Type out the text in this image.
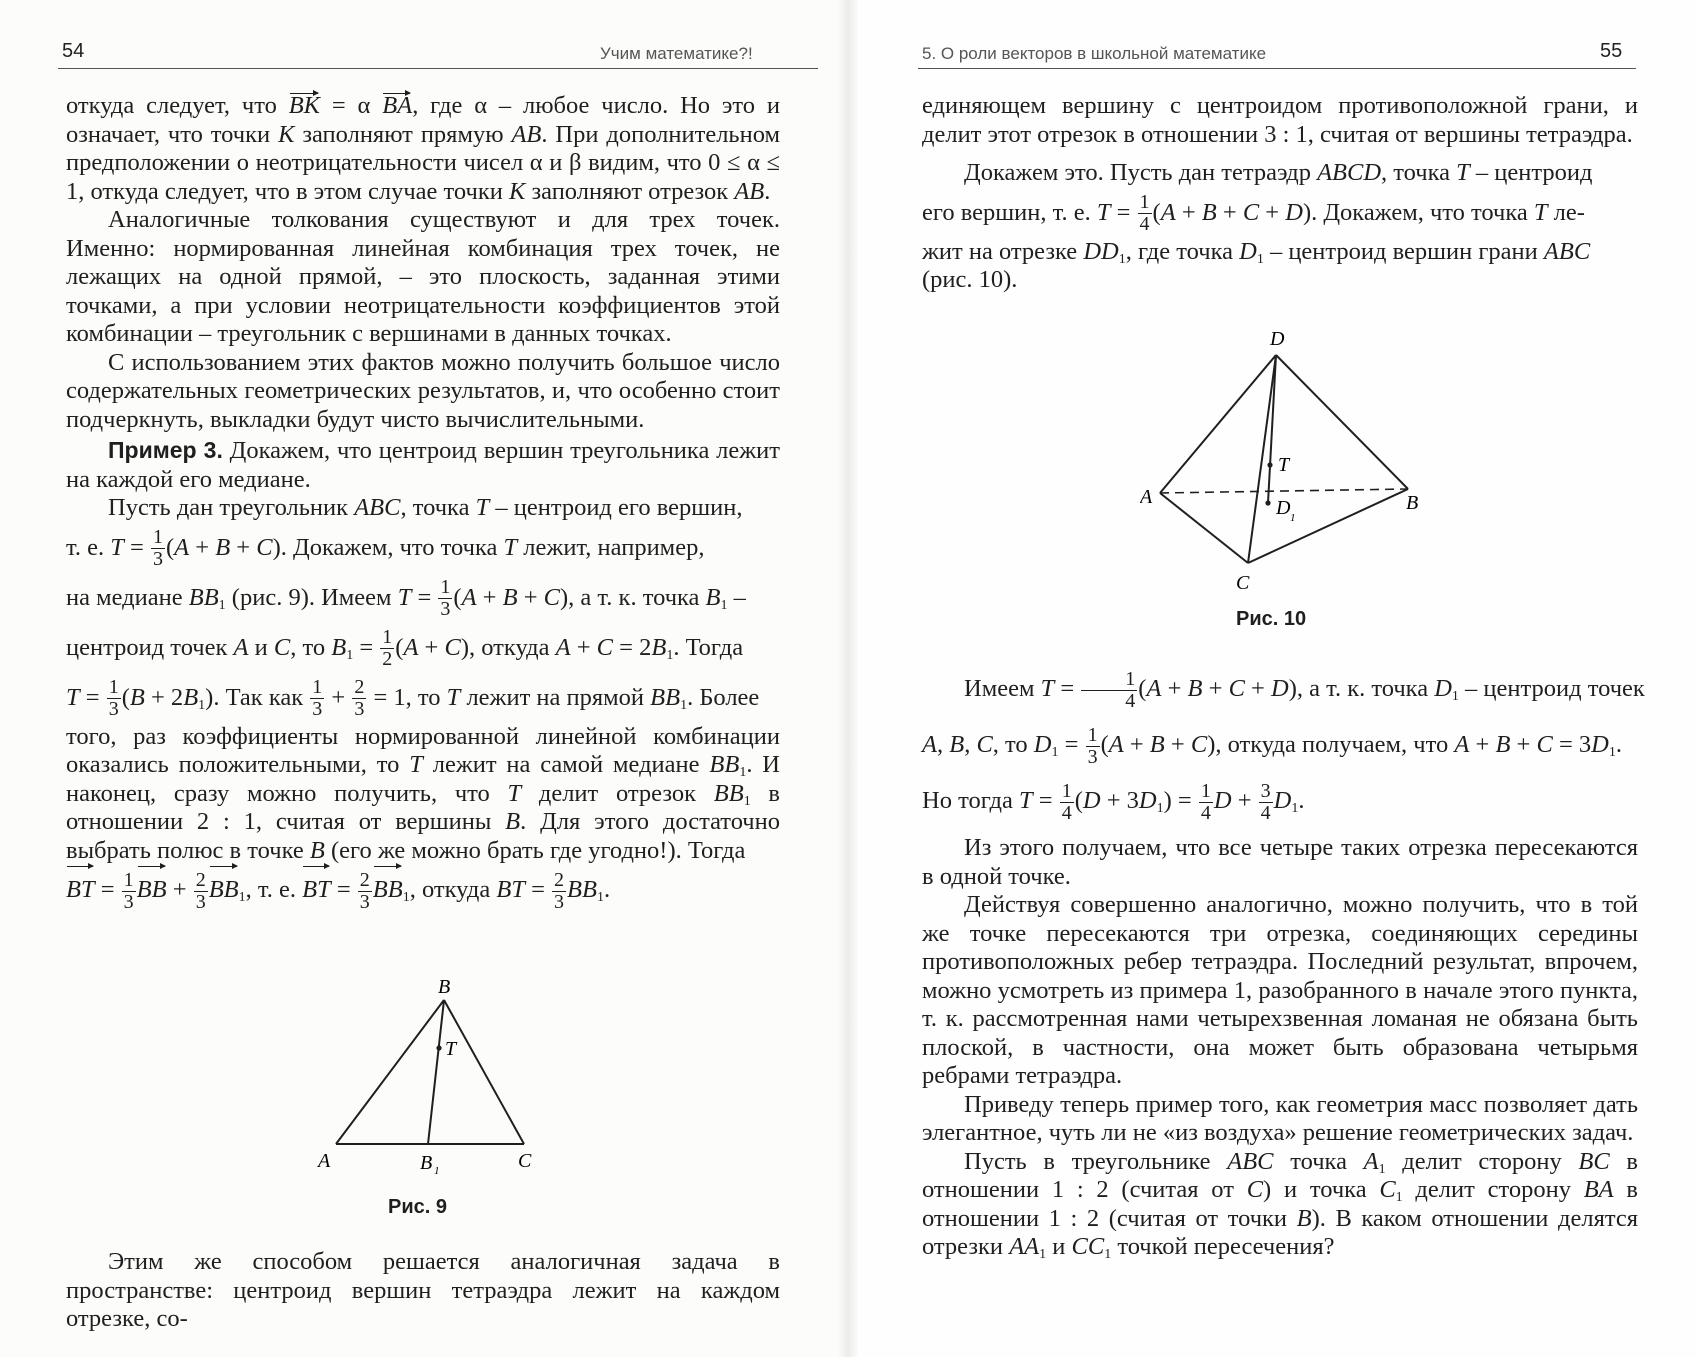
54	Учим математике?!	5. О роли векторов в школьной математике	55

откуда следует, что BK = α BA, где α – любое число. Но это и означает, что точки K заполняют прямую AB. При дополнительном предположении о неотрицательности чисел α и β видим, что 0 ≤ α ≤ 1, откуда следует, что в этом случае точки K заполняют отрезок AB.

Аналогичные толкования существуют и для трех точек. Именно: нормированная линейная комбинация трех точек, не лежащих на одной прямой, – это плоскость, заданная этими точками, а при условии неотрицательности коэффициентов этой комбинации – треугольник с вершинами в данных точках.

С использованием этих фактов можно получить большое число содержательных геометрических результатов, и, что особенно стоит подчеркнуть, выкладки будут чисто вычислительными.

Пример 3. Докажем, что центроид вершин треугольника лежит на каждой его медиане.

Пусть дан треугольник ABC, точка T – центроид его вершин,

т. е. $T = \frac{1}{3} (A + B + C)$. Докажем, что точка T лежит, например,
на медиане $BB_1$ (рис. 9). Имеем $T = \frac{1}{3} (A + B + C)$, а т. к. точка $B_1$ –
центроид точек A и C, то $B_1 = \frac{1}{2} (A + C)$, откуда $A + C = 2B_1$. Тогда
$T = \frac{1}{3} (B + 2B_1)$. Так как $\frac{1}{3} + \frac{2}{3} = 1$, то T лежит на прямой $BB_1$. Более

того, раз коэффициенты нормированной линейной комбинации оказались положительными, то T лежит на самой медиане $BB_1$. И наконец, сразу можно получить, что T делит отрезок $BB_1$ в отношении 2 : 1, считая от вершины B. Для этого достаточно выбрать полюс в точке B (его же можно брать где угодно!). Тогда

BT = $\frac{1}{3}$ BB + $\frac{2}{3} BB_1$, т. е. BT = $\frac{2}{3} BB_1$, откуда BT = $\frac{2}{3} BB_1$.
B
T
A	B 1	C
Рис. 9

Этим же способом решается аналогичная задача в пространстве: центроид вершин тетраэдра лежит на каждом отрезке, со-

единяющем вершину с центроидом противоположной грани, и делит этот отрезок в отношении 3 : 1, считая от вершины тетраэдра.

Докажем это. Пусть дан тетраэдр ABCD, точка T – центроид

его вершин, т. е. $T = \frac{1}{4} (A + B + C + D)$. Докажем, что точка T ле-
жит на отрезке $DD_1$, где точка $D_1$ – центроид вершин грани ABC
(рис. 10).
D
T
A	B
D 1
C
Рис. 10
Имеем $T = \frac{1}{4} (A + B + C + D)$, а т. к. точка $D_1$ – центроид точек
A, B, C, то $D_1 = \frac{1}{3} (A + B + C)$, откуда получаем, что $A + B + C = 3D_1$.
Но тогда $T = \frac{1}{4} (D + 3D_1) = \frac{1}{4}$ $D + \frac{3}{4} D_1$.

Из этого получаем, что все четыре таких отрезка пересекаются в одной точке.

Действуя совершенно аналогично, можно получить, что в той же точке пересекаются три отрезка, соединяющих середины противоположных ребер тетраэдра. Последний результат, впрочем, можно усмотреть из примера 1, разобранного в начале этого пункта, т. к. рассмотренная нами четырехзвенная ломаная не обязана быть плоской, в частности, она может быть образована четырьмя ребрами тетраэдра.

Приведу теперь пример того, как геометрия масс позволяет дать элегантное, чуть ли не «из воздуха» решение геометрических задач.

Пусть в треугольнике ABC точка $A_1$ делит сторону BC в отношении 1 : 2 (считая от C) и точка $C_1$ делит сторону BA в отношении 1 : 2 (считая от точки B). В каком отношении делятся отрезки $AA_1$ и $CC_1$ точкой пересечения?
